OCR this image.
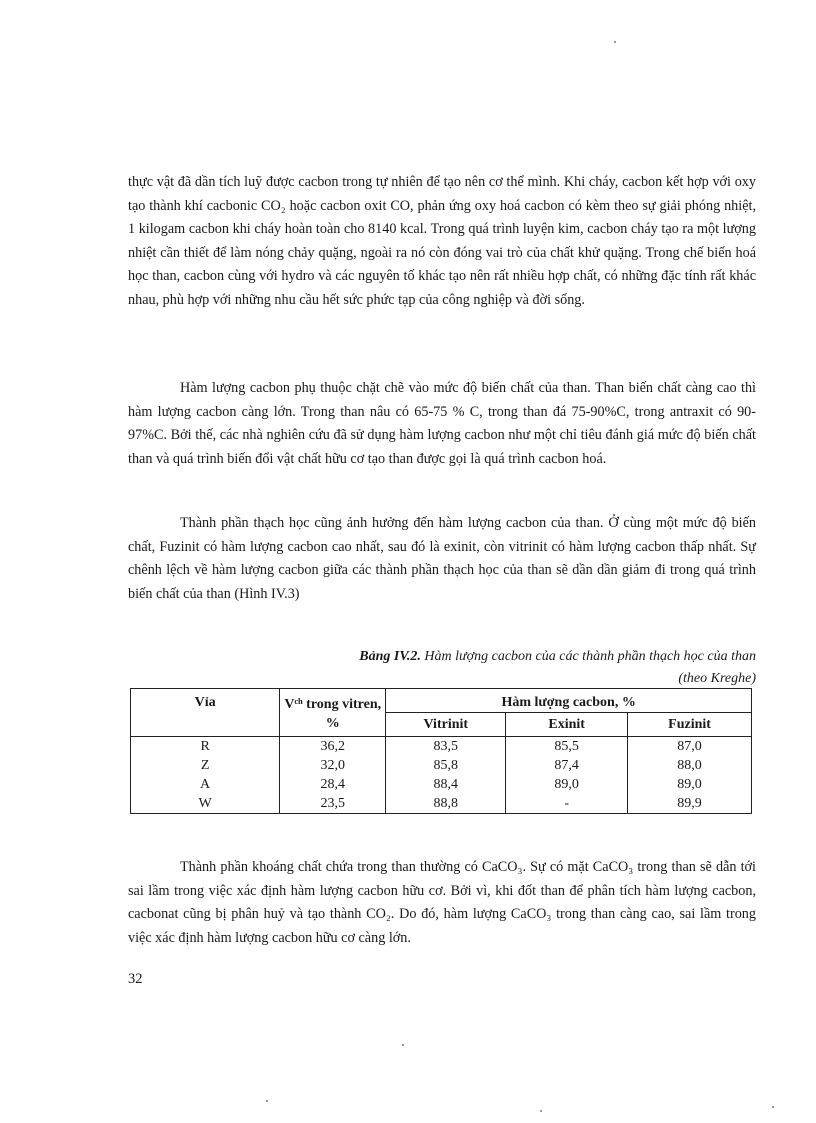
thực vật đã dần tích luỹ được cacbon trong tự nhiên để tạo nên cơ thể mình. Khi cháy, cacbon kết hợp với oxy tạo thành khí cacbonic CO₂ hoặc cacbon oxit CO, phản ứng oxy hoá cacbon có kèm theo sự giải phóng nhiệt, 1 kilogam cacbon khi cháy hoàn toàn cho 8140 kcal. Trong quá trình luyện kim, cacbon cháy tạo ra một lượng nhiệt cần thiết để làm nóng chảy quặng, ngoài ra nó còn đóng vai trò của chất khử quặng. Trong chế biến hoá học than, cacbon cùng với hydro và các nguyên tố khác tạo nên rất nhiều hợp chất, có những đặc tính rất khác nhau, phù hợp với những nhu cầu hết sức phức tạp của công nghiệp và đời sống.
Hàm lượng cacbon phụ thuộc chặt chẽ vào mức độ biến chất của than. Than biến chất càng cao thì hàm lượng cacbon càng lớn. Trong than nâu có 65-75 % C, trong than đá 75-90%C, trong antraxit có 90-97%C. Bởi thế, các nhà nghiên cứu đã sử dụng hàm lượng cacbon như một chỉ tiêu đánh giá mức độ biến chất than và quá trình biến đổi vật chất hữu cơ tạo than được gọi là quá trình cacbon hoá.
Thành phần thạch học cũng ảnh hưởng đến hàm lượng cacbon của than. Ở cùng một mức độ biến chất, Fuzinit có hàm lượng cacbon cao nhất, sau đó là exinit, còn vitrinit có hàm lượng cacbon thấp nhất. Sự chênh lệch về hàm lượng cacbon giữa các thành phần thạch học của than sẽ dần dần giảm đi trong quá trình biến chất của than (Hình IV.3)
Bảng IV.2. Hàm lượng cacbon của các thành phần thạch học của than
(theo Kreghe)
Vỉa	Vᶜʰ trong vitren, %	Hàm lượng cacbon, %		
		Vitrinit	Exinit	Fuzinit
R	36,2	83,5	85,5	87,0
Z	32,0	85,8	87,4	88,0
A	28,4	88,4	89,0	89,0
W	23,5	88,8	-	89,9
Thành phần khoáng chất chứa trong than thường có CaCO₃. Sự có mặt CaCO₃ trong than sẽ dẫn tới sai lầm trong việc xác định hàm lượng cacbon hữu cơ. Bởi vì, khi đốt than để phân tích hàm lượng cacbon, cacbonat cũng bị phân huỷ và tạo thành CO₂. Do đó, hàm lượng CaCO₃ trong than càng cao, sai lầm trong việc xác định hàm lượng cacbon hữu cơ càng lớn.
32
